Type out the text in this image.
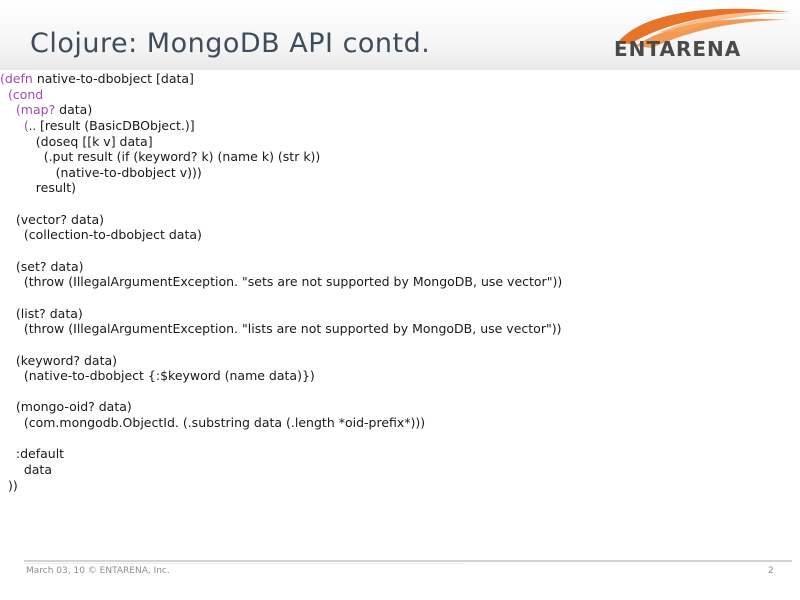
Clojure: MongoDB API contd.	ENTARENA
(defn native-to-dbobject [data]
(cond
(map? data)
(.. [result (BasicDBObject.)]
(doseq [[k v] data]
(.put result (if (keyword? k) (name k) (str k))
(native-to-dbobject v)))
result)
(vector? data)
(collection-to-dbobject data)
(set? data)
(throw (IllegalArgumentException. "sets are not supported by MongoDB, use vector"))
(list? data)
(throw (IllegalArgumentException. "lists are not supported by MongoDB, use vector"))
(keyword? data)
(native-to-dbobject {:$keyword (name data)})
(mongo-oid? data)
(com.mongodb.ObjectId. (.substring data (.length *oid-prefix*)))
:default
data
))
March 03, 10 © ENTARENA, Inc.	2
